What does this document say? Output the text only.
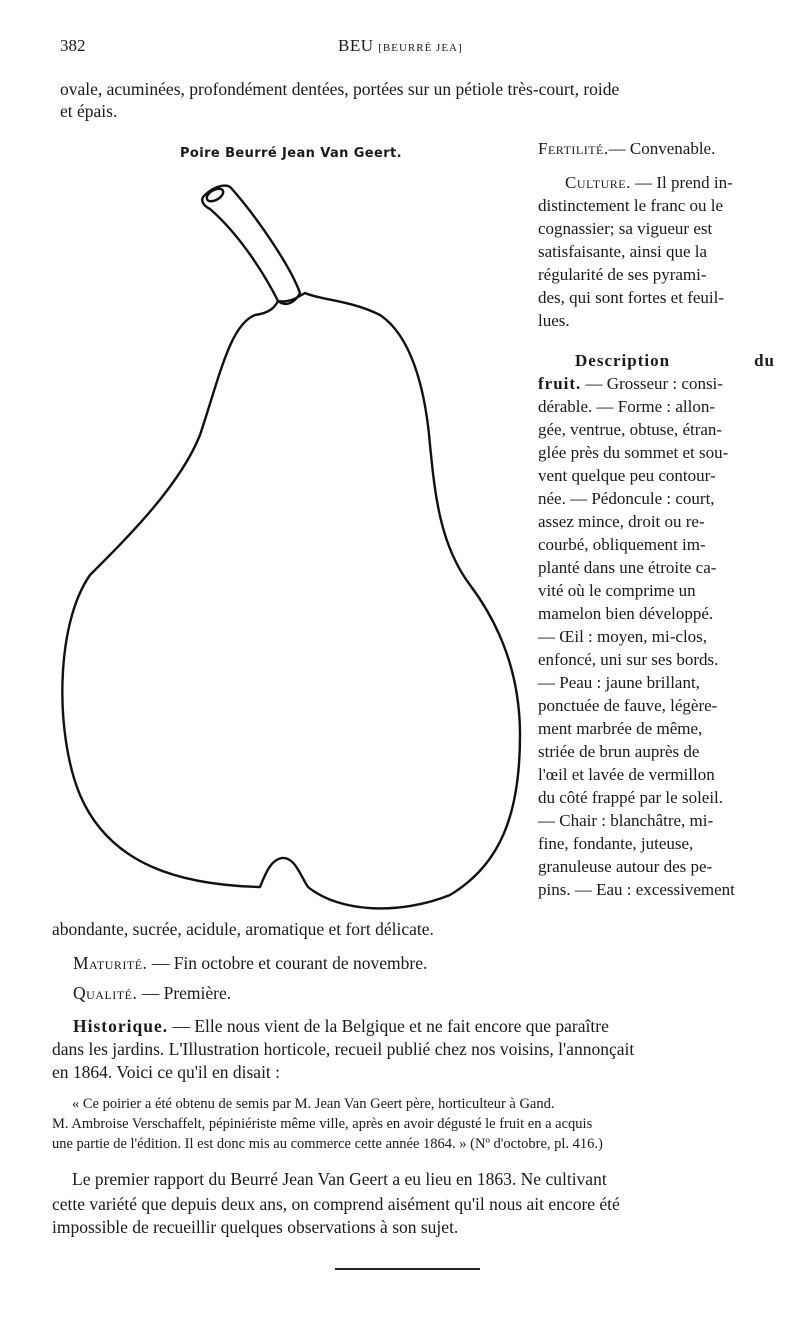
382	BEU [BEURRÉ JEA]
ovale, acuminées, profondément dentées, portées sur un pétiole très-court, roide
et épais.
Poire Beurré Jean Van Geert.	Fertilité.— Convenable.
Culture. — Il prend in-
distinctement le franc ou le
cognassier; sa vigueur est
satisfaisante, ainsi que la
régularité de ses pyrami-
des, qui sont fortes et feuil-
lues.
Description	du
fruit. — Grosseur : consi-
dérable. — Forme : allon-
gée, ventrue, obtuse, étran-
glée près du sommet et sou-
vent quelque peu contour-
née. — Pédoncule : court,
assez mince, droit ou re-
courbé, obliquement im-
planté dans une étroite ca-
vité où le comprime un
mamelon bien développé.
— Œil : moyen, mi-clos,
enfoncé, uni sur ses bords.
— Peau : jaune brillant,
ponctuée de fauve, légère-
ment marbrée de même,
striée de brun auprès de
l'œil et lavée de vermillon
du côté frappé par le soleil.
— Chair : blanchâtre, mi-
fine, fondante, juteuse,
granuleuse autour des pe-
pins. — Eau : excessivement
abondante, sucrée, acidule, aromatique et fort délicate.
Maturité. — Fin octobre et courant de novembre.
Qualité. — Première.
Historique. — Elle nous vient de la Belgique et ne fait encore que paraître
dans les jardins. L'Illustration horticole, recueil publié chez nos voisins, l'annonçait
en 1864. Voici ce qu'il en disait :
« Ce poirier a été obtenu de semis par M. Jean Van Geert père, horticulteur à Gand.
M. Ambroise Verschaffelt, pépiniériste même ville, après en avoir dégusté le fruit en a acquis
une partie de l'édition. Il est donc mis au commerce cette année 1864. » (Nº d'octobre, pl. 416.)
Le premier rapport du Beurré Jean Van Geert a eu lieu en 1863. Ne cultivant
cette variété que depuis deux ans, on comprend aisément qu'il nous ait encore été
impossible de recueillir quelques observations à son sujet.
